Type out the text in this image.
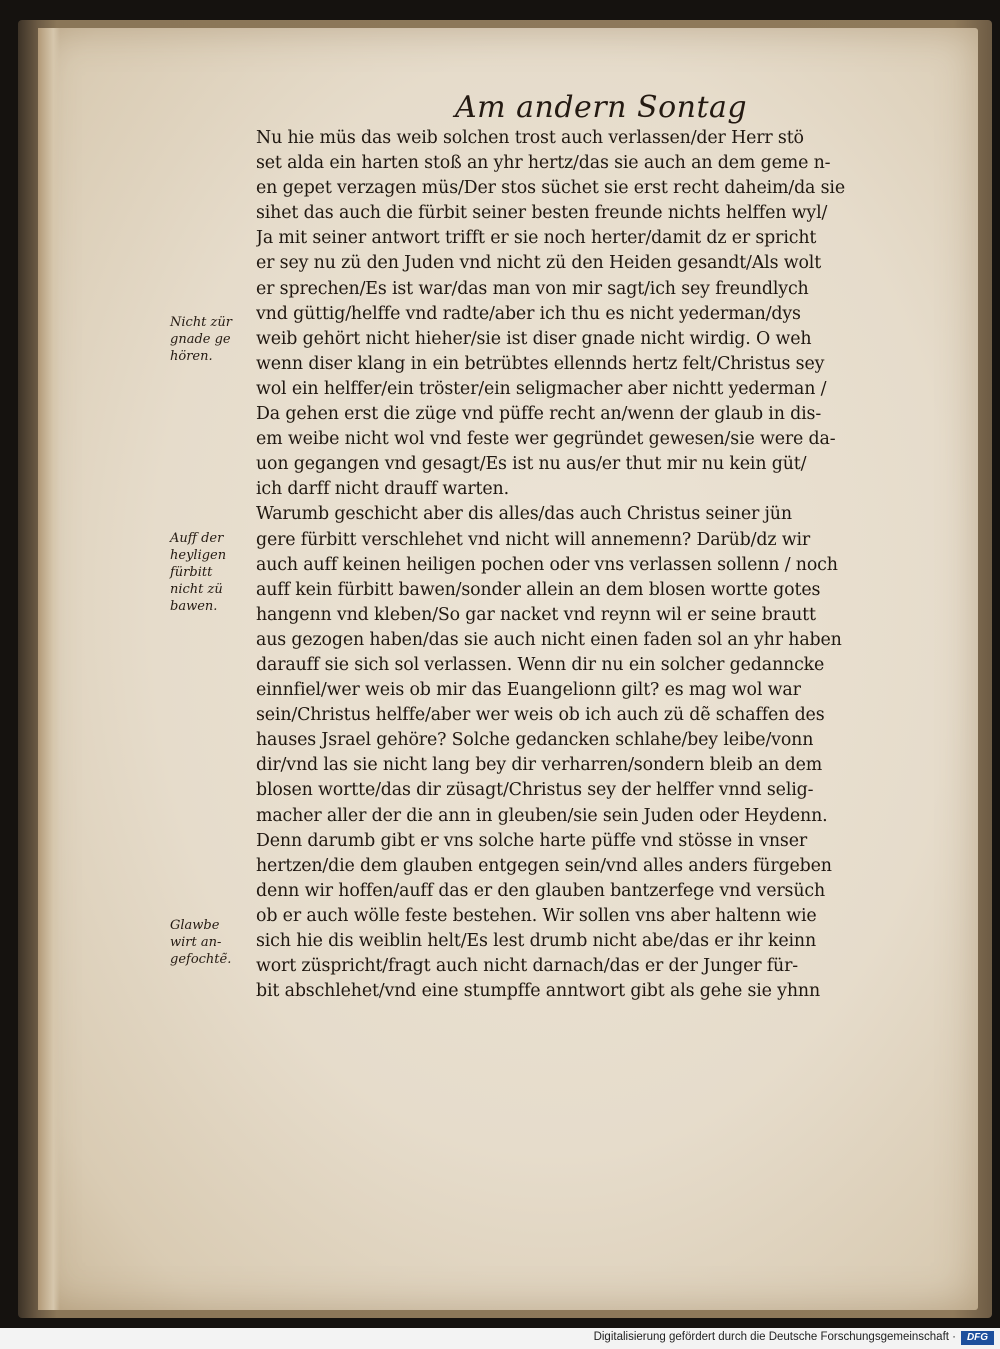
Am andern Sontag
Nu hie müs das weib solchen trost auch verlassen/der Herr stö
set alda ein harten stoß an yhr hertz/das sie auch an dem geme n-
en gepet verzagen müs/Der stos süchet sie erst recht daheim/da sie
sihet das auch die fürbit seiner besten freunde nichts helffen wyl/
Ja mit seiner antwort trifft er sie noch herter/damit dz er spricht
er sey nu zü den Juden vnd nicht zü den Heiden gesandt/Als wolt
er sprechen/Es ist war/das man von mir sagt/ich sey freundlych
vnd güttig/helffe vnd radte/aber ich thu es nicht yederman/dys
weib gehört nicht hieher/sie ist diser gnade nicht wirdig. O weh
wenn diser klang in ein betrübtes ellennds hertz felt/Christus sey
wol ein helffer/ein tröster/ein seligmacher aber nichtt yederman /
Da gehen erst die züge vnd püffe recht an/wenn der glaub in dis-
em weibe nicht wol vnd feste wer gegründet gewesen/sie were da-
uon gegangen vnd gesagt/Es ist nu aus/er thut mir nu kein güt/
ich darff nicht drauff warten.
Warumb geschicht aber dis alles/das auch Christus seiner jün
gere fürbitt verschlehet vnd nicht will annemenn? Darüb/dz wir
auch auff keinen heiligen pochen oder vns verlassen sollenn / noch
auff kein fürbitt bawen/sonder allein an dem blosen wortte gotes
hangenn vnd kleben/So gar nacket vnd reynn wil er seine brautt
aus gezogen haben/das sie auch nicht einen faden sol an yhr haben
darauff sie sich sol verlassen. Wenn dir nu ein solcher gedanncke
einnfiel/wer weis ob mir das Euangelionn gilt? es mag wol war
sein/Christus helffe/aber wer weis ob ich auch zü dẽ schaffen des
hauses Jsrael gehöre? Solche gedancken schlahe/bey leibe/vonn
dir/vnd las sie nicht lang bey dir verharren/sondern bleib an dem
blosen wortte/das dir züsagt/Christus sey der helffer vnnd selig-
macher aller der die ann in gleuben/sie sein Juden oder Heydenn.
Denn darumb gibt er vns solche harte püffe vnd stösse in vnser
hertzen/die dem glauben entgegen sein/vnd alles anders fürgeben
denn wir hoffen/auff das er den glauben bantzerfege vnd versüch
ob er auch wölle feste bestehen. Wir sollen vns aber haltenn wie
sich hie dis weiblin helt/Es lest drumb nicht abe/das er ihr keinn
wort züspricht/fragt auch nicht darnach/das er der Junger für-
bit abschlehet/vnd eine stumpffe anntwort gibt als gehe sie yhnn
Nicht zür
gnade ge
hören.
Auff der
heyligen
fürbitt
nicht zü
bawen.
Glawbe
wirt an-
gefochtẽ.
Digitalisierung gefördert durch die Deutsche Forschungsgemeinschaft ·	DFG
